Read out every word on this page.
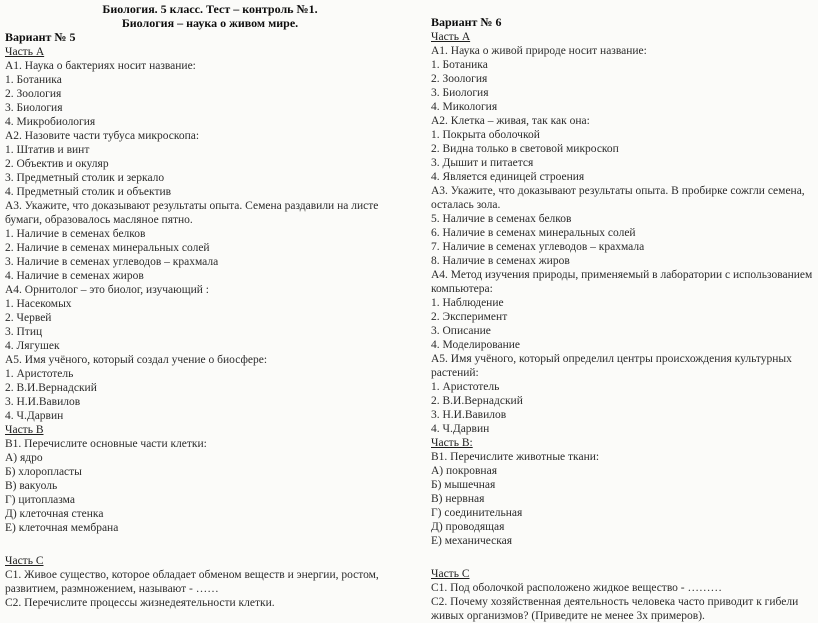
Биология. 5 класс. Тест – контроль №1.
Биология – наука о живом мире.
Вариант № 5
Часть А
А1. Наука о бактериях носит название:
1. Ботаника
2. Зоология
3. Биология
4. Микробиология
А2. Назовите части тубуса микроскопа:
1. Штатив и винт
2. Объектив и окуляр
3. Предметный столик и зеркало
4. Предметный столик и объектив
А3. Укажите, что доказывают результаты опыта. Семена раздавили на листе бумаги, образовалось масляное пятно.
1. Наличие в семенах белков
2. Наличие в семенах минеральных солей
3. Наличие в семенах углеводов – крахмала
4. Наличие в семенах жиров
А4. Орнитолог – это биолог, изучающий :
1. Насекомых
2. Червей
3. Птиц
4. Лягушек
А5. Имя учёного, который создал учение о биосфере:
1. Аристотель
2. В.И.Вернадский
3. Н.И.Вавилов
4. Ч.Дарвин
Часть В
В1. Перечислите основные части клетки:
А) ядро
Б) хлоропласты
В) вакуоль
Г) цитоплазма
Д) клеточная стенка
Е) клеточная мембрана
Часть С
С1. Живое существо, которое обладает обменом веществ и энергии, ростом, развитием, размножением, называют - ……
С2. Перечислите процессы жизнедеятельности клетки.
Вариант № 6
Часть А
А1. Наука о живой природе носит название:
1. Ботаника
2. Зоология
3. Биология
4. Микология
А2. Клетка – живая, так как она:
1. Покрыта оболочкой
2. Видна только в световой микроскоп
3. Дышит и питается
4. Является единицей строения
А3. Укажите, что доказывают результаты опыта. В пробирке сожгли семена, осталась зола.
5. Наличие в семенах белков
6. Наличие в семенах минеральных солей
7. Наличие в семенах углеводов – крахмала
8. Наличие в семенах жиров
А4. Метод изучения природы, применяемый в лаборатории с использованием компьютера:
1. Наблюдение
2. Эксперимент
3. Описание
4. Моделирование
А5. Имя учёного, который определил центры происхождения культурных растений:
1. Аристотель
2. В.И.Вернадский
3. Н.И.Вавилов
4. Ч.Дарвин
Часть В:
В1. Перечислите животные ткани:
А) покровная
Б) мышечная
В) нервная
Г) соединительная
Д) проводящая
Е) механическая
Часть С
С1. Под оболочкой расположено жидкое вещество - ………
С2. Почему хозяйственная деятельность человека часто приводит к гибели живых организмов? (Приведите не менее 3х примеров).
